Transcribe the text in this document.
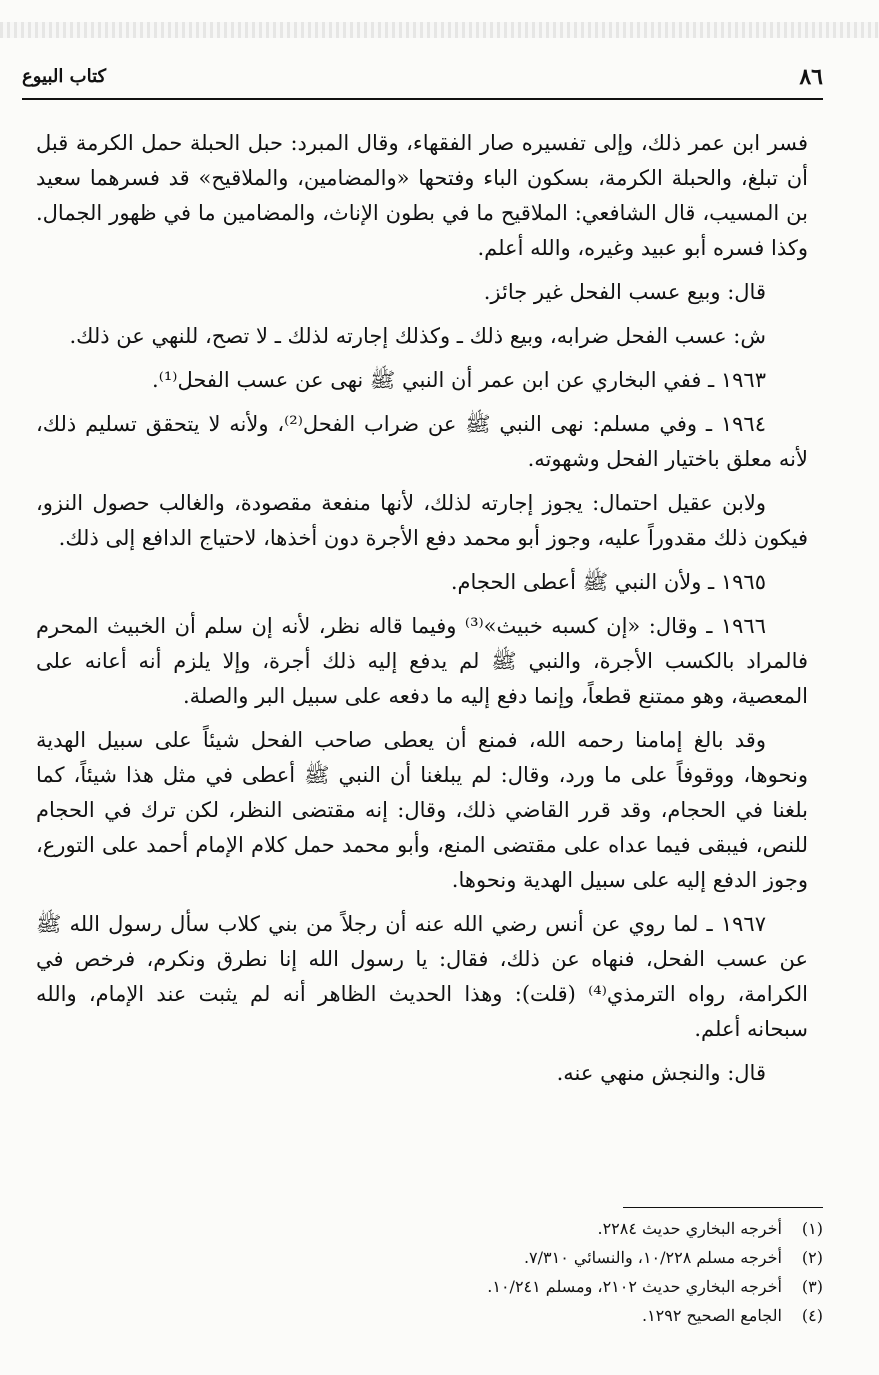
٨٦
كتاب البيوع

فسر ابن عمر ذلك، وإلى تفسيره صار الفقهاء، وقال المبرد: حبل الحبلة حمل الكرمة قبل أن تبلغ، والحبلة الكرمة، بسكون الباء وفتحها «والمضامين، والملاقيح» قد فسرهما سعيد بن المسيب، قال الشافعي: الملاقيح ما في بطون الإناث، والمضامين ما في ظهور الجمال. وكذا فسره أبو عبيد وغيره، والله أعلم.

قال: وبيع عسب الفحل غير جائز.

ش: عسب الفحل ضرابه، وبيع ذلك ـ وكذلك إجارته لذلك ـ لا تصح، للنهي عن ذلك.

١٩٦٣ ـ ففي البخاري عن ابن عمر أن النبي ﷺ نهى عن عسب الفحل⁽¹⁾.

١٩٦٤ ـ وفي مسلم: نهى النبي ﷺ عن ضراب الفحل⁽²⁾، ولأنه لا يتحقق تسليم ذلك، لأنه معلق باختيار الفحل وشهوته.

ولابن عقيل احتمال: يجوز إجارته لذلك، لأنها منفعة مقصودة، والغالب حصول النزو، فيكون ذلك مقدوراً عليه، وجوز أبو محمد دفع الأجرة دون أخذها، لاحتياج الدافع إلى ذلك.

١٩٦٥ ـ ولأن النبي ﷺ أعطى الحجام.

١٩٦٦ ـ وقال: «إن كسبه خبيث»⁽³⁾ وفيما قاله نظر، لأنه إن سلم أن الخبيث المحرم فالمراد بالكسب الأجرة، والنبي ﷺ لم يدفع إليه ذلك أجرة، وإلا يلزم أنه أعانه على المعصية، وهو ممتنع قطعاً، وإنما دفع إليه ما دفعه على سبيل البر والصلة.

وقد بالغ إمامنا رحمه الله، فمنع أن يعطى صاحب الفحل شيئاً على سبيل الهدية ونحوها، ووقوفاً على ما ورد، وقال: لم يبلغنا أن النبي ﷺ أعطى في مثل هذا شيئاً، كما بلغنا في الحجام، وقد قرر القاضي ذلك، وقال: إنه مقتضى النظر، لكن ترك في الحجام للنص، فيبقى فيما عداه على مقتضى المنع، وأبو محمد حمل كلام الإمام أحمد على التورع، وجوز الدفع إليه على سبيل الهدية ونحوها.

١٩٦٧ ـ لما روي عن أنس رضي الله عنه أن رجلاً من بني كلاب سأل رسول الله ﷺ عن عسب الفحل، فنهاه عن ذلك، فقال: يا رسول الله إنا نطرق ونكرم، فرخص في الكرامة، رواه الترمذي⁽⁴⁾ (قلت): وهذا الحديث الظاهر أنه لم يثبت عند الإمام، والله سبحانه أعلم.

قال: والنجش منهي عنه.

(١) أخرجه البخاري حديث ٢٢٨٤.
(٢) أخرجه مسلم ١٠/٢٢٨، والنسائي ٧/٣١٠.
(٣) أخرجه البخاري حديث ٢١٠٢، ومسلم ١٠/٢٤١.
(٤) الجامع الصحيح ١٢٩٢.
